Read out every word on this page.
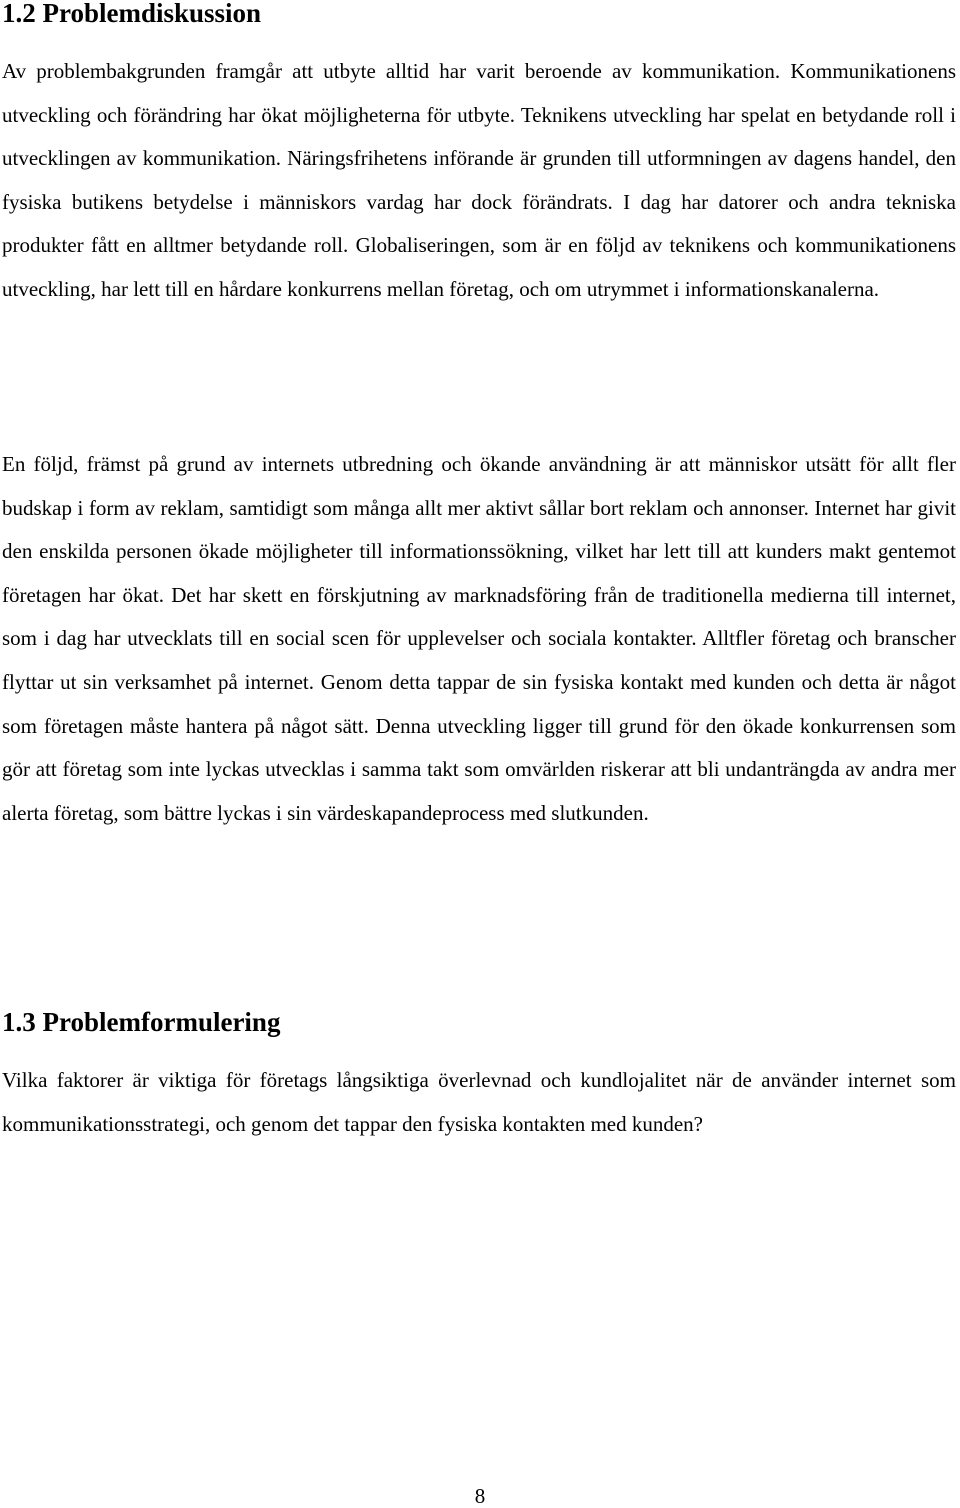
1.2 Problemdiskussion

Av problembakgrunden framgår att utbyte alltid har varit beroende av kommunikation. Kommunikationens utveckling och förändring har ökat möjligheterna för utbyte. Teknikens utveckling har spelat en betydande roll i utvecklingen av kommunikation. Näringsfrihetens införande är grunden till utformningen av dagens handel, den fysiska butikens betydelse i människors vardag har dock förändrats. I dag har datorer och andra tekniska produkter fått en alltmer betydande roll. Globaliseringen, som är en följd av teknikens och kommunikationens utveckling, har lett till en hårdare konkurrens mellan företag, och om utrymmet i informationskanalerna.

En följd, främst på grund av internets utbredning och ökande användning är att människor utsätt för allt fler budskap i form av reklam, samtidigt som många allt mer aktivt sållar bort reklam och annonser. Internet har givit den enskilda personen ökade möjligheter till informationssökning, vilket har lett till att kunders makt gentemot företagen har ökat. Det har skett en förskjutning av marknadsföring från de traditionella medierna till internet, som i dag har utvecklats till en social scen för upplevelser och sociala kontakter. Alltfler företag och branscher flyttar ut sin verksamhet på internet. Genom detta tappar de sin fysiska kontakt med kunden och detta är något som företagen måste hantera på något sätt. Denna utveckling ligger till grund för den ökade konkurrensen som gör att företag som inte lyckas utvecklas i samma takt som omvärlden riskerar att bli undanträngda av andra mer alerta företag, som bättre lyckas i sin värdeskapandeprocess med slutkunden.

1.3 Problemformulering

Vilka faktorer är viktiga för företags långsiktiga överlevnad och kundlojalitet när de använder internet som kommunikationsstrategi, och genom det tappar den fysiska kontakten med kunden?

8
